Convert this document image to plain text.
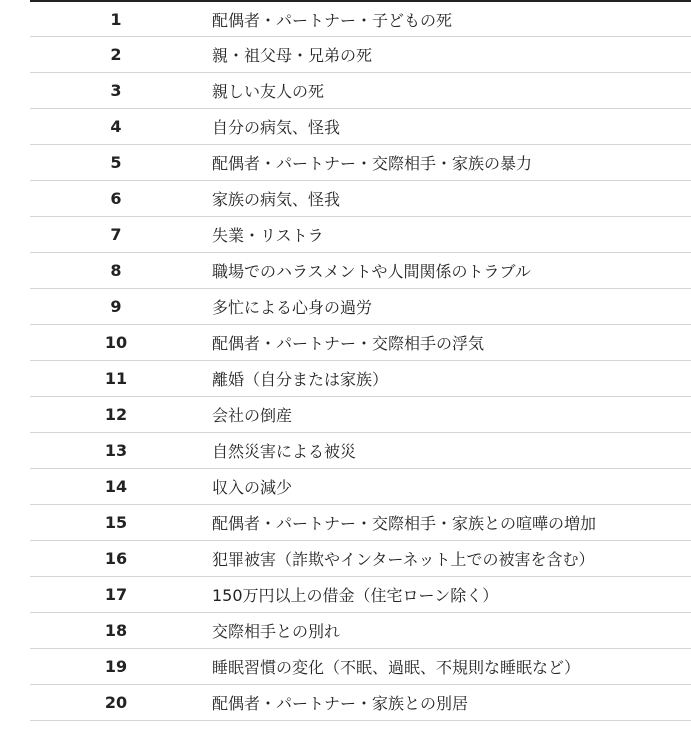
1	配偶者・パートナー・子どもの死
2	親・祖父母・兄弟の死
3	親しい友人の死
4	自分の病気、怪我
5	配偶者・パートナー・交際相手・家族の暴力
6	家族の病気、怪我
7	失業・リストラ
8	職場でのハラスメントや人間関係のトラブル
9	多忙による心身の過労
10	配偶者・パートナー・交際相手の浮気
11	離婚（自分または家族）
12	会社の倒産
13	自然災害による被災
14	収入の減少
15	配偶者・パートナー・交際相手・家族との喧嘩の増加
16	犯罪被害（詐欺やインターネット上での被害を含む）
17	150万円以上の借金（住宅ローン除く）
18	交際相手との別れ
19	睡眠習慣の変化（不眠、過眠、不規則な睡眠など）
20	配偶者・パートナー・家族との別居
